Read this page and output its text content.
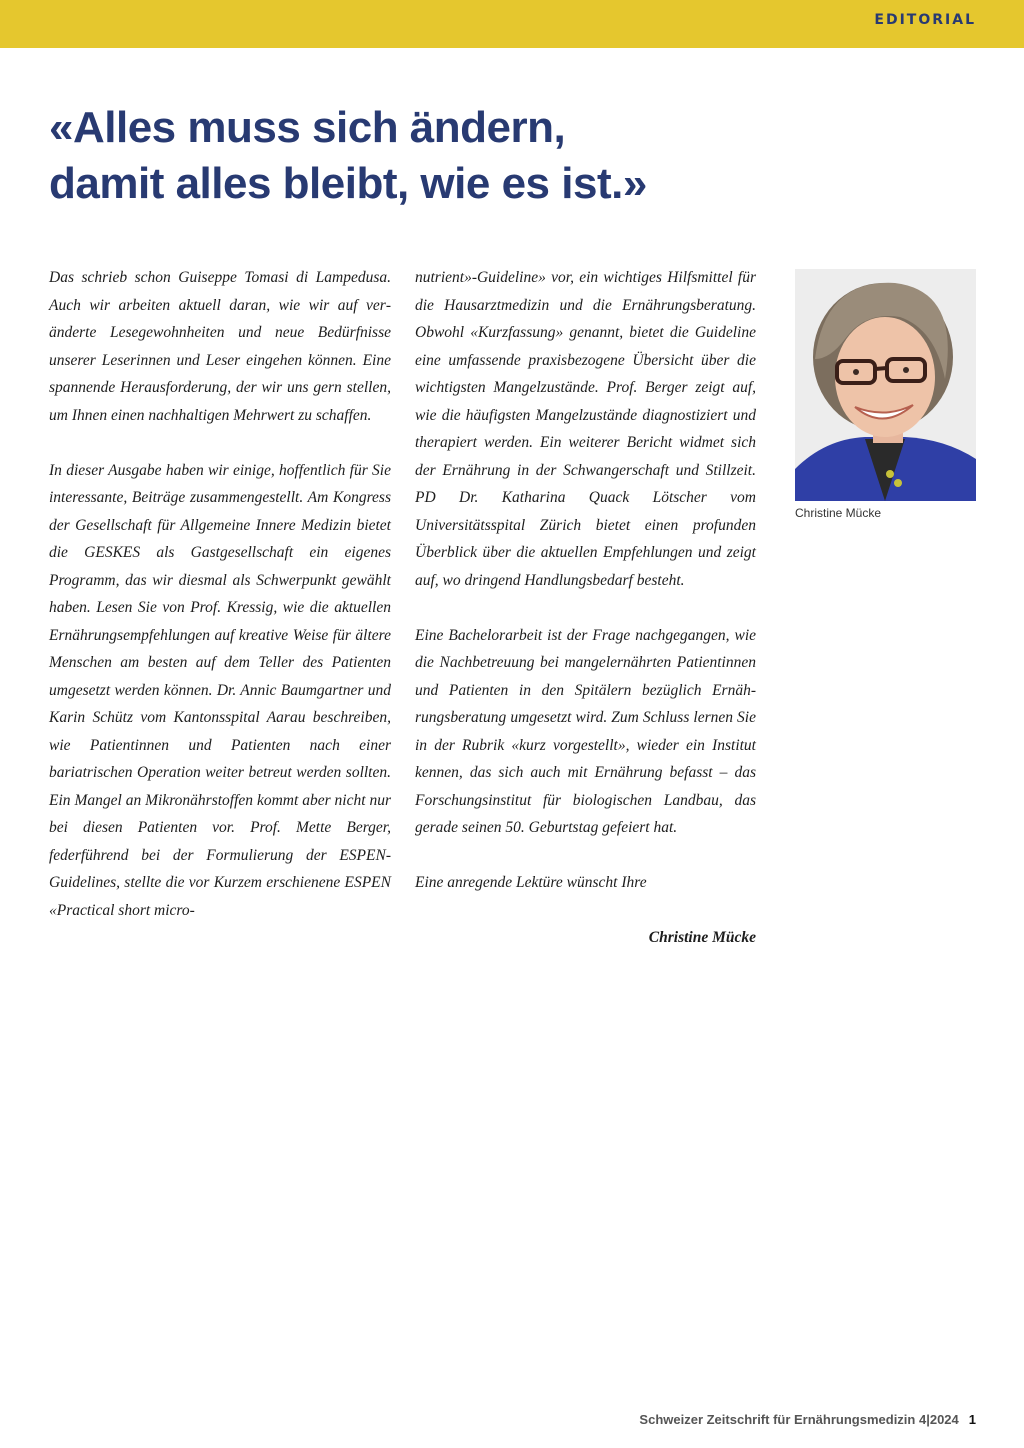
EDITORIAL
«Alles muss sich ändern,
damit alles bleibt, wie es ist.»

Das schrieb schon Guiseppe Tomasi di Lampedusa. Auch wir arbeiten aktuell daran, wie wir auf veränderte Lesegewohnheiten und neue Bedürfnisse unserer Leserinnen und Leser eingehen können. Eine spannende Herausforderung, der wir uns gern stellen, um Ihnen einen nachhaltigen Mehrwert zu schaffen.

In dieser Ausgabe haben wir einige, hoffentlich für Sie interessante, Beiträge zusammengestellt. Am Kongress der Gesellschaft für Allgemeine Innere Medizin bietet die GESKES als Gastgesellschaft ein eigenes Programm, das wir diesmal als Schwerpunkt gewählt haben. Lesen Sie von Prof. Kressig, wie die aktuellen Ernährungsempfehlungen auf kreative Weise für ältere Menschen am besten auf dem Teller des Patienten umgesetzt werden können. Dr. Annic Baumgartner und Karin Schütz vom Kantonsspital Aarau beschreiben, wie Patientinnen und Patienten nach einer bariatrischen Operation weiter betreut werden sollten. Ein Mangel an Mikronährstoffen kommt aber nicht nur bei diesen Patienten vor. Prof. Mette Berger, federführend bei der Formulierung der ESPEN-Guidelines, stellte die vor Kurzem erschienene ESPEN «Practical short micro-

nutrient»-Guideline» vor, ein wichtiges Hilfsmittel für die Hausarztmedizin und die Ernährungsberatung. Obwohl «Kurzfassung» genannt, bietet die Guideline eine umfassende praxisbezogene Übersicht über die wichtigsten Mangelzustände. Prof. Berger zeigt auf, wie die häufigsten Mangelzustände diagnostiziert und therapiert werden. Ein weiterer Bericht widmet sich der Ernährung in der Schwangerschaft und Stillzeit. PD Dr. Katharina Quack Lötscher vom Universitätsspital Zürich bietet einen profunden Überblick über die aktuellen Empfehlungen und zeigt auf, wo dringend Handlungsbedarf besteht.

Eine Bachelorarbeit ist der Frage nachgegangen, wie die Nachbetreuung bei mangelernährten Patientinnen und Patienten in den Spitälern bezüglich Ernährungsberatung umgesetzt wird. Zum Schluss lernen Sie in der Rubrik «kurz vorgestellt», wieder ein Institut kennen, das sich auch mit Ernährung befasst – das Forschungsinstitut für biologischen Landbau, das gerade seinen 50. Geburtstag gefeiert hat.

Eine anregende Lektüre wünscht Ihre

Christine Mücke

Christine Mücke
Schweizer Zeitschrift für Ernährungsmedizin 4|2024 1
